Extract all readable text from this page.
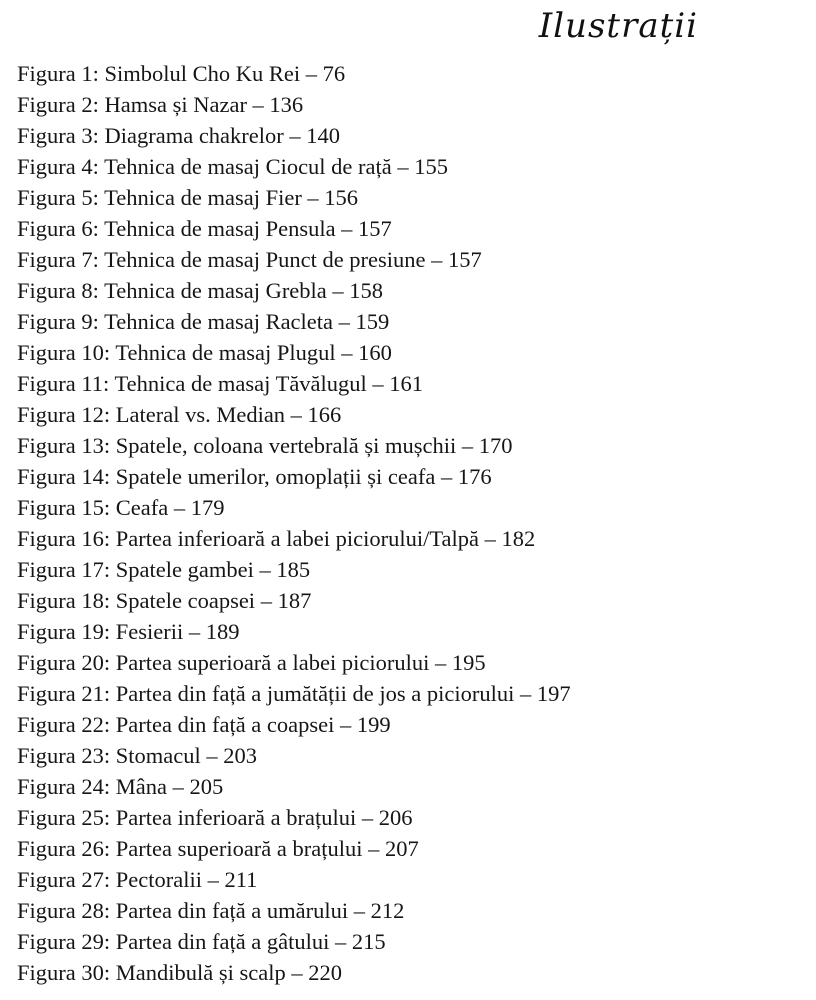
Ilustrații
Figura 1: Simbolul Cho Ku Rei – 76
Figura 2: Hamsa și Nazar – 136
Figura 3: Diagrama chakrelor – 140
Figura 4: Tehnica de masaj Ciocul de rață – 155
Figura 5: Tehnica de masaj Fier – 156
Figura 6: Tehnica de masaj Pensula – 157
Figura 7: Tehnica de masaj Punct de presiune – 157
Figura 8: Tehnica de masaj Grebla – 158
Figura 9: Tehnica de masaj Racleta – 159
Figura 10: Tehnica de masaj Plugul – 160
Figura 11: Tehnica de masaj Tăvălugul – 161
Figura 12: Lateral vs. Median – 166
Figura 13: Spatele, coloana vertebrală și mușchii – 170
Figura 14: Spatele umerilor, omoplații și ceafa – 176
Figura 15: Ceafa – 179
Figura 16: Partea inferioară a labei piciorului/Talpă – 182
Figura 17: Spatele gambei – 185
Figura 18: Spatele coapsei – 187
Figura 19: Fesierii – 189
Figura 20: Partea superioară a labei piciorului – 195
Figura 21: Partea din față a jumătății de jos a piciorului – 197
Figura 22: Partea din față a coapsei – 199
Figura 23: Stomacul – 203
Figura 24: Mâna – 205
Figura 25: Partea inferioară a brațului – 206
Figura 26: Partea superioară a brațului – 207
Figura 27: Pectoralii – 211
Figura 28: Partea din față a umărului – 212
Figura 29: Partea din față a gâtului – 215
Figura 30: Mandibulă și scalp – 220
